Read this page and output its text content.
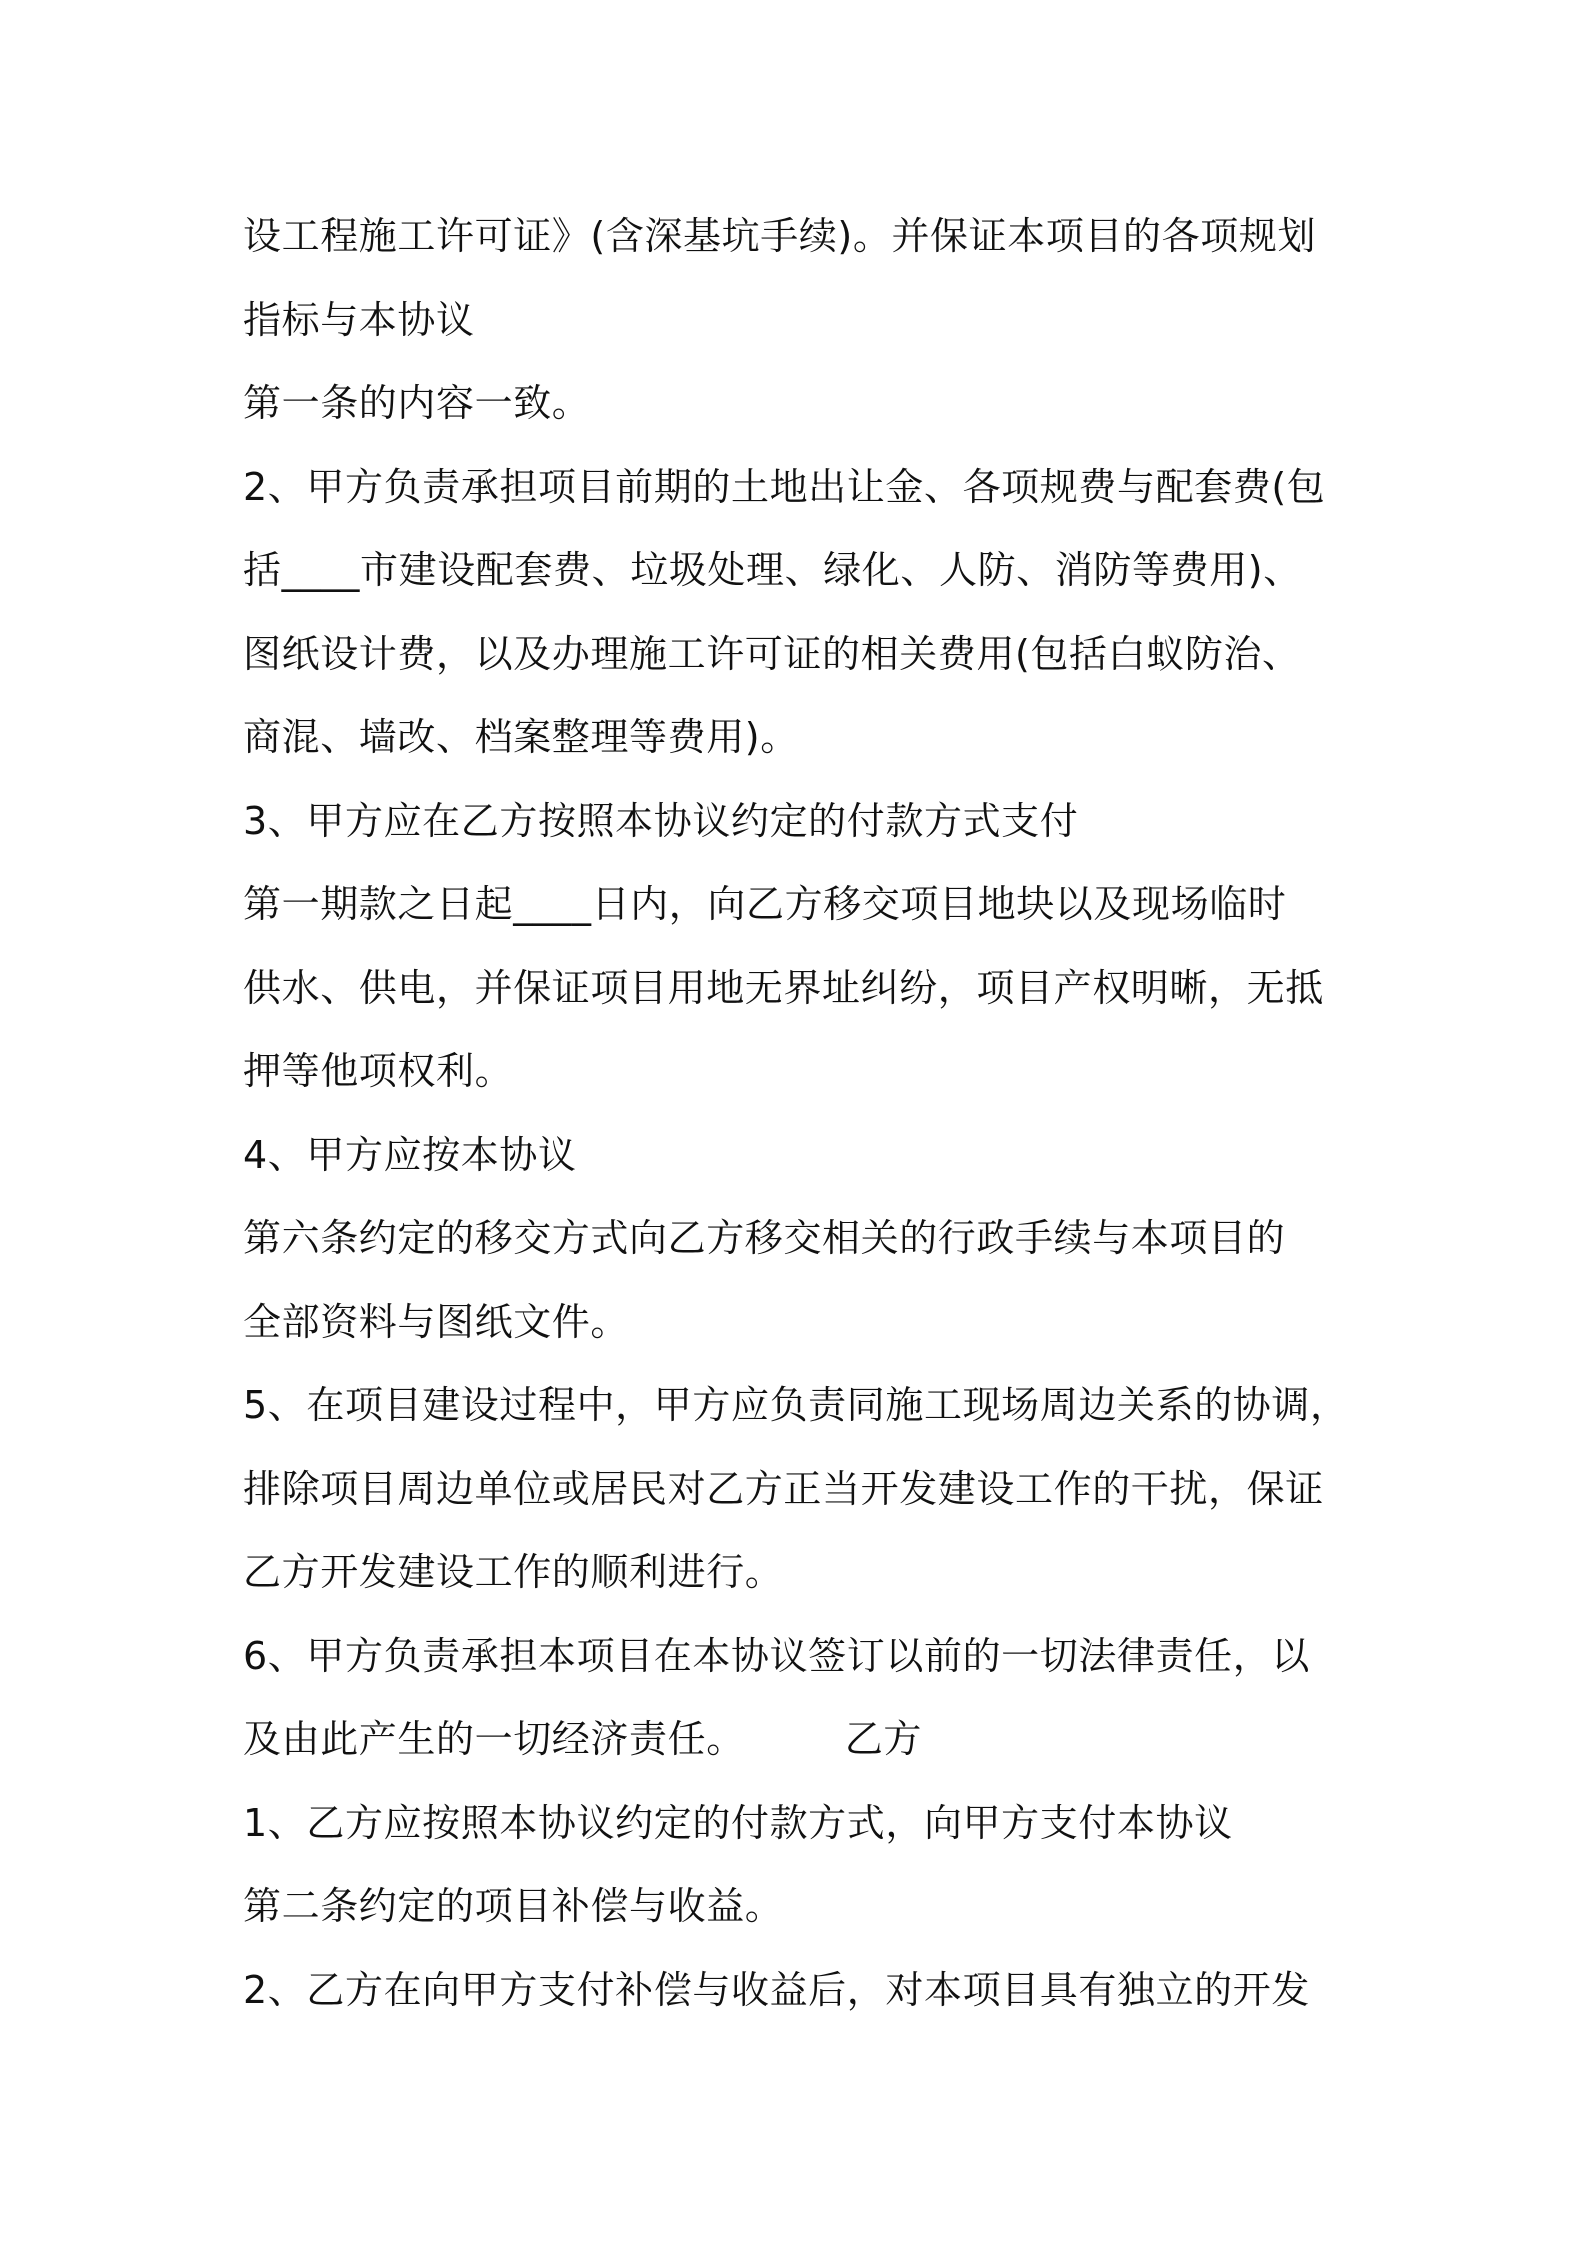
设工程施工许可证》(含深基坑手续)。并保证本项目的各项规划
指标与本协议
第一条的内容一致。
2、甲方负责承担项目前期的土地出让金、各项规费与配套费(包
括____市建设配套费、垃圾处理、绿化、人防、消防等费用)、
图纸设计费，以及办理施工许可证的相关费用(包括白蚁防治、
商混、墙改、档案整理等费用)。
3、甲方应在乙方按照本协议约定的付款方式支付
第一期款之日起____日内，向乙方移交项目地块以及现场临时
供水、供电，并保证项目用地无界址纠纷，项目产权明晰，无抵
押等他项权利。
4、甲方应按本协议
第六条约定的移交方式向乙方移交相关的行政手续与本项目的
全部资料与图纸文件。
5、在项目建设过程中，甲方应负责同施工现场周边关系的协调，
排除项目周边单位或居民对乙方正当开发建设工作的干扰，保证
乙方开发建设工作的顺利进行。
6、甲方负责承担本项目在本协议签订以前的一切法律责任，以
及由此产生的一切经济责任。	乙方
1、乙方应按照本协议约定的付款方式，向甲方支付本协议
第二条约定的项目补偿与收益。
2、乙方在向甲方支付补偿与收益后，对本项目具有独立的开发
